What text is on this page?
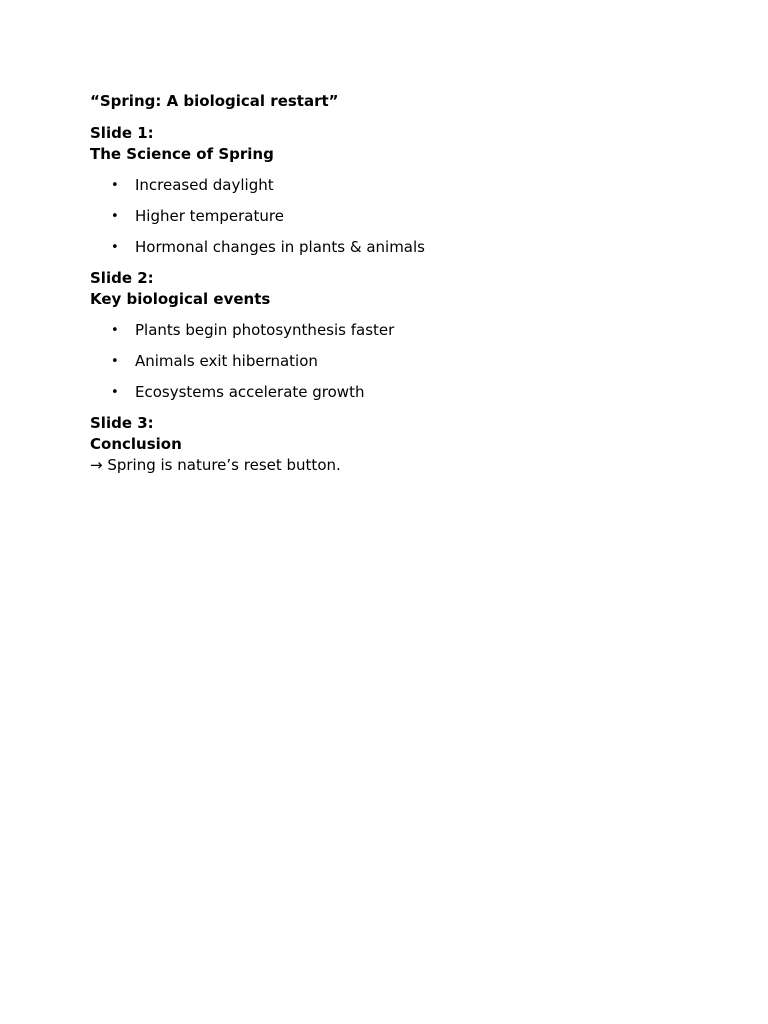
“Spring: A biological restart”
Slide 1:
The Science of Spring
• Increased daylight
• Higher temperature
• Hormonal changes in plants & animals
Slide 2:
Key biological events
• Plants begin photosynthesis faster
• Animals exit hibernation
• Ecosystems accelerate growth
Slide 3:
Conclusion
→ Spring is nature’s reset button.
